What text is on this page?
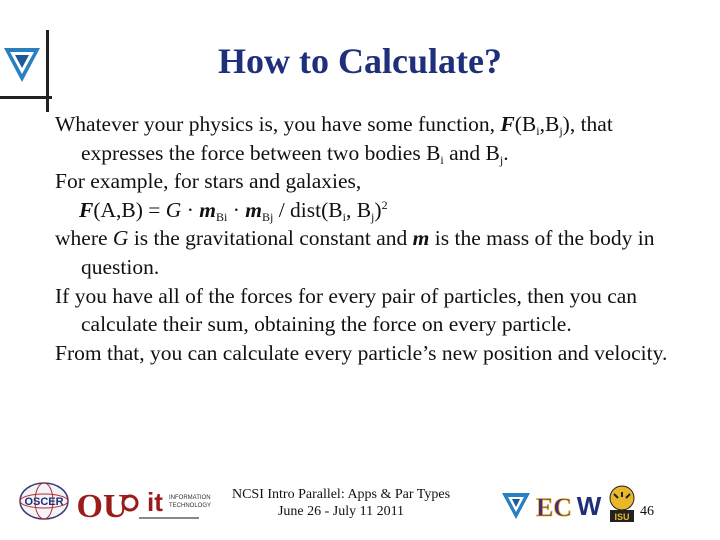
How to Calculate?
Whatever your physics is, you have some function, $F(B_i,B_j)$, that expresses the force between two bodies $B_i$ and $B_j$.
For example, for stars and galaxies,
$F(A,B) = G \cdot m_{Bi} \cdot m_{Bj}$ / $dist(B_i$, $B_j)^2$
where G is the gravitational constant and m is the mass of the body in question.
If you have all of the forces for every pair of particles, then you can calculate their sum, obtaining the force on every particle.
From that, you can calculate every particle’s new position and velocity.
OSCER OU it INFORMATION
TECHNOLOGY
NCSI Intro Parallel: Apps & Par Types
June 26 - July 11 2011	EC W ISU 46
